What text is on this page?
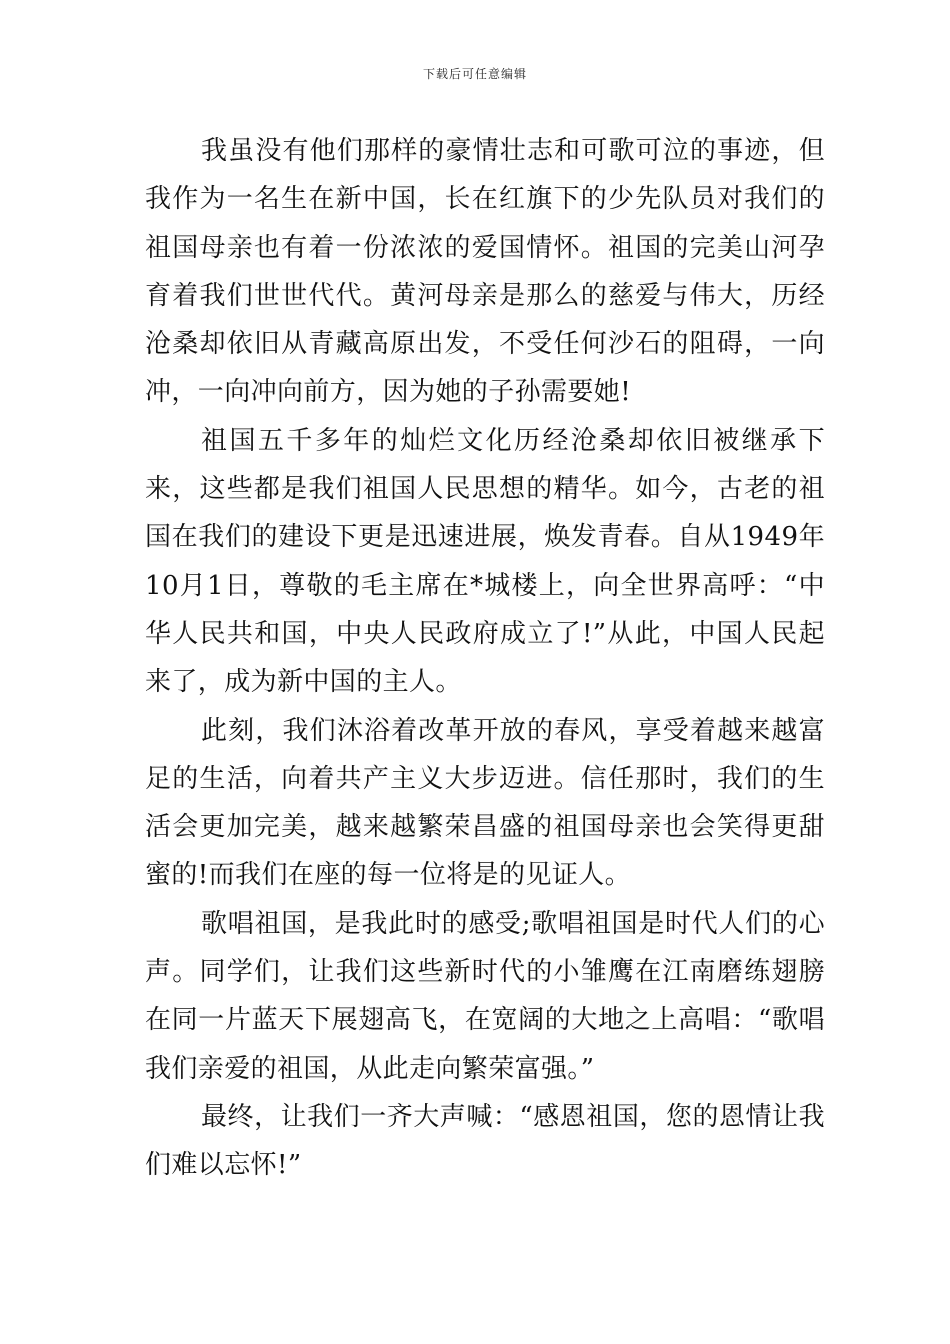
下载后可任意编辑

我虽没有他们那样的豪情壮志和可歌可泣的事迹，但我作为一名生在新中国，长在红旗下的少先队员对我们的祖国母亲也有着一份浓浓的爱国情怀。祖国的完美山河孕育着我们世世代代。黄河母亲是那么的慈爱与伟大，历经沧桑却依旧从青藏高原出发，不受任何沙石的阻碍，一向冲，一向冲向前方，因为她的子孙需要她!

祖国五千多年的灿烂文化历经沧桑却依旧被继承下来，这些都是我们祖国人民思想的精华。如今，古老的祖国在我们的建设下更是迅速进展，焕发青春。自从1949年10月1日，尊敬的毛主席在*城楼上，向全世界高呼：“中华人民共和国，中央人民政府成立了!”从此，中国人民起来了，成为新中国的主人。

此刻，我们沐浴着改革开放的春风，享受着越来越富足的生活，向着共产主义大步迈进。信任那时，我们的生活会更加完美，越来越繁荣昌盛的祖国母亲也会笑得更甜蜜的!而我们在座的每一位将是的见证人。

歌唱祖国，是我此时的感受;歌唱祖国是时代人们的心声。同学们，让我们这些新时代的小雏鹰在江南磨练翅膀在同一片蓝天下展翅高飞，在宽阔的大地之上高唱：“歌唱我们亲爱的祖国，从此走向繁荣富强。”

最终，让我们一齐大声喊：“感恩祖国，您的恩情让我们难以忘怀!”
